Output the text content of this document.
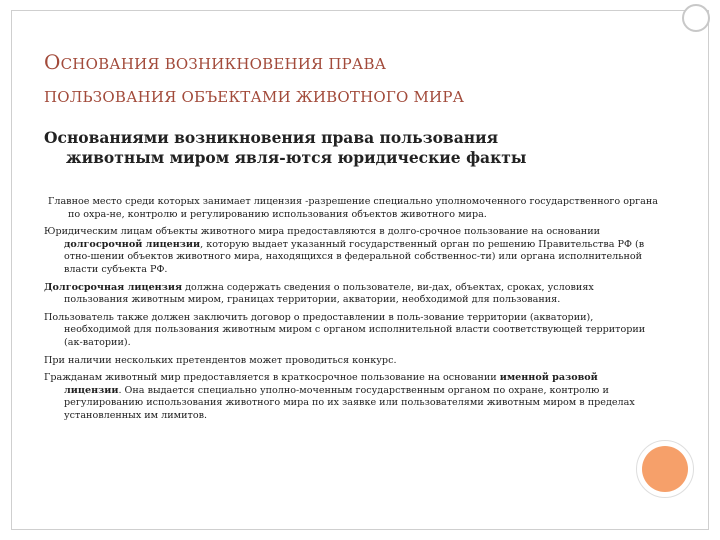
ОСНОВАНИЯ ВОЗНИКНОВЕНИЯ ПРАВА
ПОЛЬЗОВАНИЯ ОБЪЕКТАМИ ЖИВОТНОГО МИРА
Основаниями возникновения права пользования
животным миром явля-ются юридические факты

Главное место среди которых занимает лицензия -разрешение специально уполномоченного государственного органа по охра-не, контролю и регулированию использования объектов животного мира.

Юридическим лицам объекты животного мира предоставляются в долго-срочное пользование на основании долгосрочной лицензии, которую выдает указанный государственный орган по решению Правительства РФ (в отно-шении объектов животного мира, находящихся в федеральной собственнос-ти) или органа исполнительной власти субъекта РФ.

Долгосрочная лицензия должна содержать сведения о пользователе, ви-дах, объектах, сроках, условиях пользования животным миром, границах территории, акватории, необходимой для пользования.

Пользователь также должен заключить договор о предоставлении в поль-зование территории (акватории), необходимой для пользования животным миром с органом исполнительной власти соответствующей территории (ак-ватории).

При наличии нескольких претендентов может проводиться конкурс.

Гражданам животный мир предоставляется в краткосрочное пользование на основании именной разовой лицензии. Она выдается специально уполно-моченным государственным органом по охране, контролю и регулированию использования животного мира по их заявке или пользователями животным миром в пределах установленных им лимитов.
